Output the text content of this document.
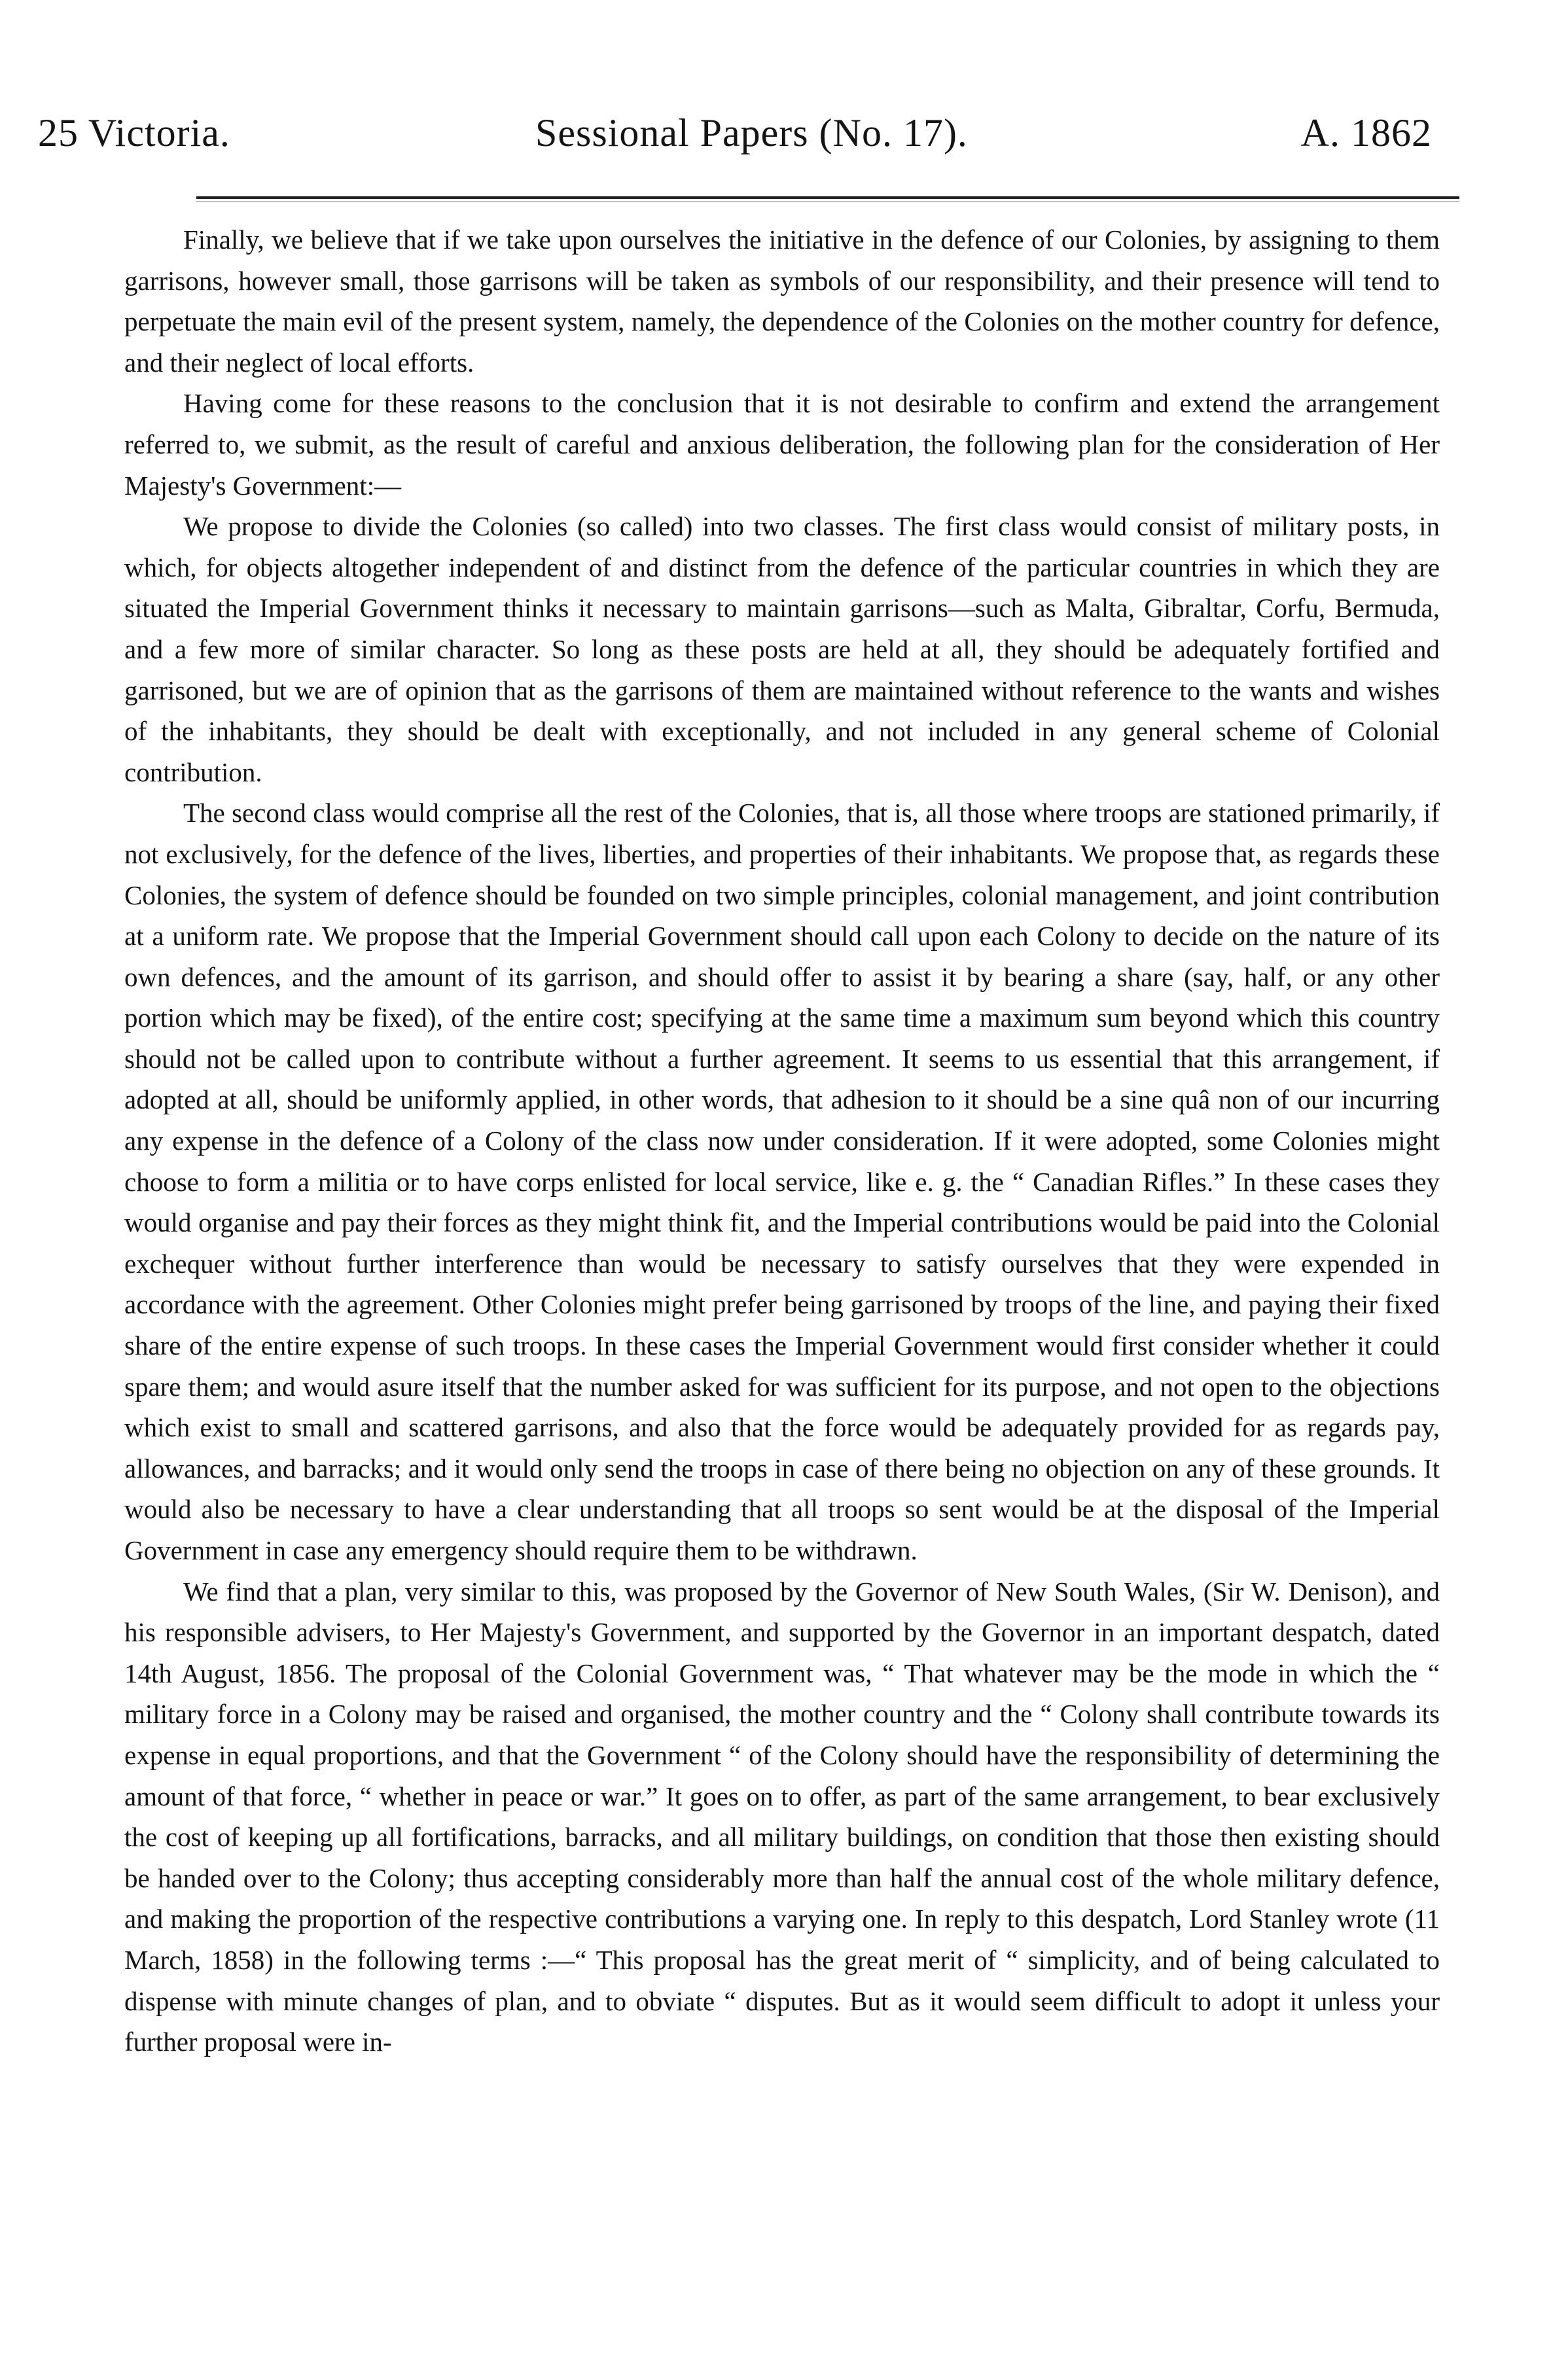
25 Victoria.	Sessional Papers (No. 17).	A. 1862

Finally, we believe that if we take upon ourselves the initiative in the defence of our Colonies, by assigning to them garrisons, however small, those garrisons will be taken as symbols of our responsibility, and their presence will tend to perpetuate the main evil of the present system, namely, the dependence of the Colonies on the mother country for defence, and their neglect of local efforts.

Having come for these reasons to the conclusion that it is not desirable to confirm and extend the arrangement referred to, we submit, as the result of careful and anxious deliberation, the following plan for the consideration of Her Majesty's Government:—

We propose to divide the Colonies (so called) into two classes. The first class would consist of military posts, in which, for objects altogether independent of and distinct from the defence of the particular countries in which they are situated the Imperial Government thinks it necessary to maintain garrisons—such as Malta, Gibraltar, Corfu, Bermuda, and a few more of similar character. So long as these posts are held at all, they should be adequately fortified and garrisoned, but we are of opinion that as the garrisons of them are maintained without reference to the wants and wishes of the inhabitants, they should be dealt with exceptionally, and not included in any general scheme of Colonial contribution.

The second class would comprise all the rest of the Colonies, that is, all those where troops are stationed primarily, if not exclusively, for the defence of the lives, liberties, and properties of their inhabitants. We propose that, as regards these Colonies, the system of defence should be founded on two simple principles, colonial management, and joint contribution at a uniform rate. We propose that the Imperial Government should call upon each Colony to decide on the nature of its own defences, and the amount of its garrison, and should offer to assist it by bearing a share (say, half, or any other portion which may be fixed), of the entire cost; specifying at the same time a maximum sum beyond which this country should not be called upon to contribute without a further agreement. It seems to us essential that this arrangement, if adopted at all, should be uniformly applied, in other words, that adhesion to it should be a sine quâ non of our incurring any expense in the defence of a Colony of the class now under consideration. If it were adopted, some Colonies might choose to form a militia or to have corps enlisted for local service, like e. g. the “ Canadian Rifles.” In these cases they would organise and pay their forces as they might think fit, and the Imperial contributions would be paid into the Colonial exchequer without further interference than would be necessary to satisfy ourselves that they were expended in accordance with the agreement. Other Colonies might prefer being garrisoned by troops of the line, and paying their fixed share of the entire expense of such troops. In these cases the Imperial Government would first consider whether it could spare them; and would asure itself that the number asked for was sufficient for its purpose, and not open to the objections which exist to small and scattered garrisons, and also that the force would be adequately provided for as regards pay, allowances, and barracks; and it would only send the troops in case of there being no objection on any of these grounds. It would also be necessary to have a clear understanding that all troops so sent would be at the disposal of the Imperial Government in case any emergency should require them to be withdrawn.

We find that a plan, very similar to this, was proposed by the Governor of New South Wales, (Sir W. Denison), and his responsible advisers, to Her Majesty's Government, and supported by the Governor in an important despatch, dated 14th August, 1856. The proposal of the Colonial Government was, “ That whatever may be the mode in which the “ military force in a Colony may be raised and organised, the mother country and the “ Colony shall contribute towards its expense in equal proportions, and that the Government “ of the Colony should have the responsibility of determining the amount of that force, “ whether in peace or war.” It goes on to offer, as part of the same arrangement, to bear exclusively the cost of keeping up all fortifications, barracks, and all military buildings, on condition that those then existing should be handed over to the Colony; thus accepting considerably more than half the annual cost of the whole military defence, and making the proportion of the respective contributions a varying one. In reply to this despatch, Lord Stanley wrote (11 March, 1858) in the following terms :—“ This proposal has the great merit of “ simplicity, and of being calculated to dispense with minute changes of plan, and to obviate “ disputes. But as it would seem difficult to adopt it unless your further proposal were in-
